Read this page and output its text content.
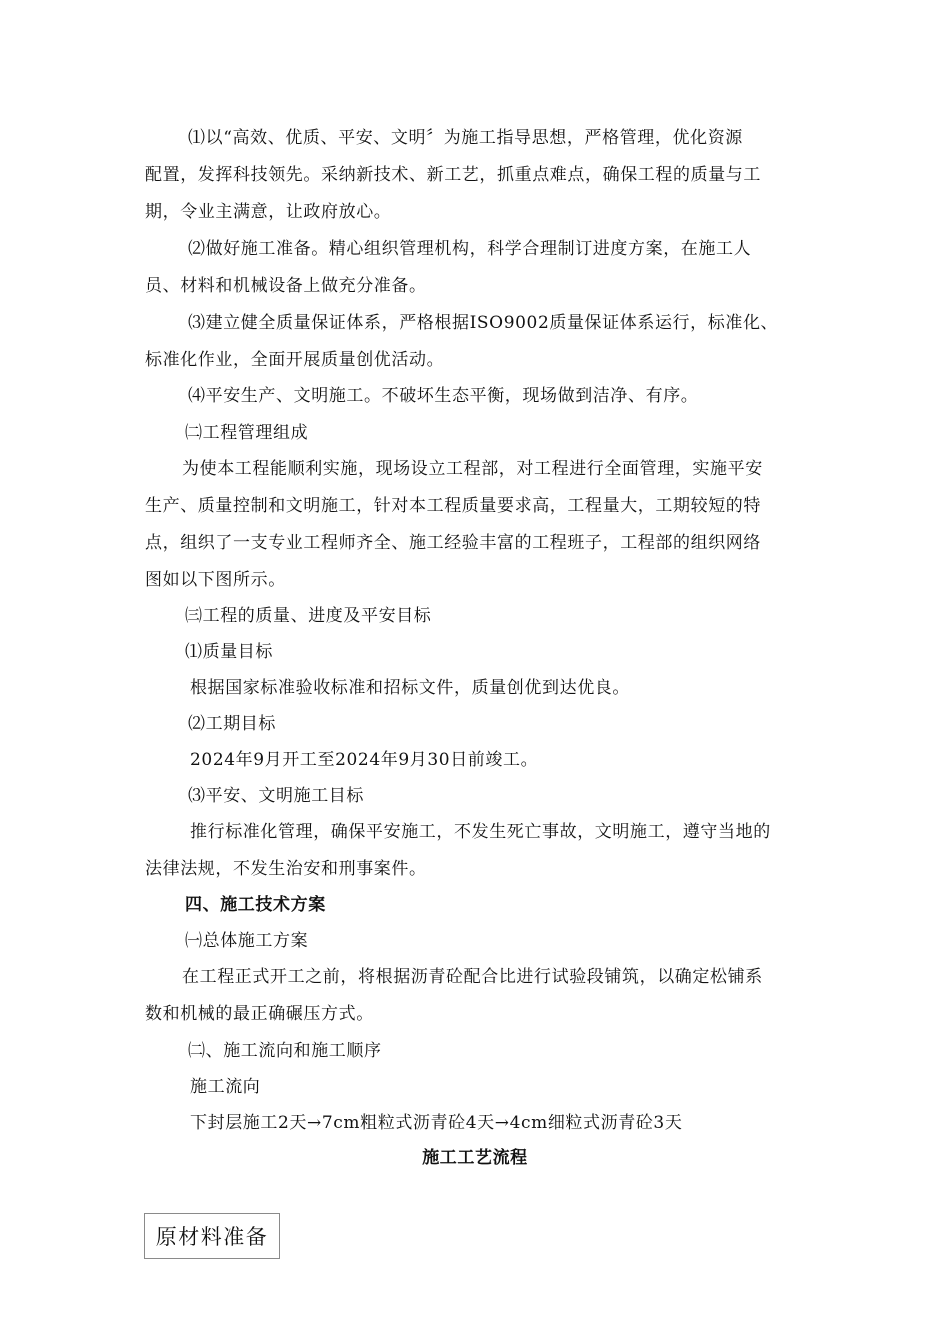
⑴以“高效、优质、平安、文明〞为施工指导思想，严格管理，优化资源
配置，发挥科技领先。采纳新技术、新工艺，抓重点难点，确保工程的质量与工
期，令业主满意，让政府放心。
⑵做好施工准备。精心组织管理机构，科学合理制订进度方案，在施工人
员、材料和机械设备上做充分准备。
⑶建立健全质量保证体系，严格根据ISO9002质量保证体系运行，标准化、
标准化作业，全面开展质量创优活动。
⑷平安生产、文明施工。不破坏生态平衡，现场做到洁净、有序。
㈡工程管理组成
为使本工程能顺利实施，现场设立工程部，对工程进行全面管理，实施平安
生产、质量控制和文明施工，针对本工程质量要求高，工程量大，工期较短的特
点，组织了一支专业工程师齐全、施工经验丰富的工程班子，工程部的组织网络
图如以下图所示。
㈢工程的质量、进度及平安目标
⑴质量目标
根据国家标准验收标准和招标文件，质量创优到达优良。
⑵工期目标
2024年9月开工至2024年9月30日前竣工。
⑶平安、文明施工目标
推行标准化管理，确保平安施工，不发生死亡事故，文明施工，遵守当地的
法律法规，不发生治安和刑事案件。
四、施工技术方案
㈠总体施工方案
在工程正式开工之前，将根据沥青砼配合比进行试验段铺筑，以确定松铺系
数和机械的最正确碾压方式。
㈡、施工流向和施工顺序
施工流向
下封层施工2天→7cm粗粒式沥青砼4天→4cm细粒式沥青砼3天
施工工艺流程
原材料准备
